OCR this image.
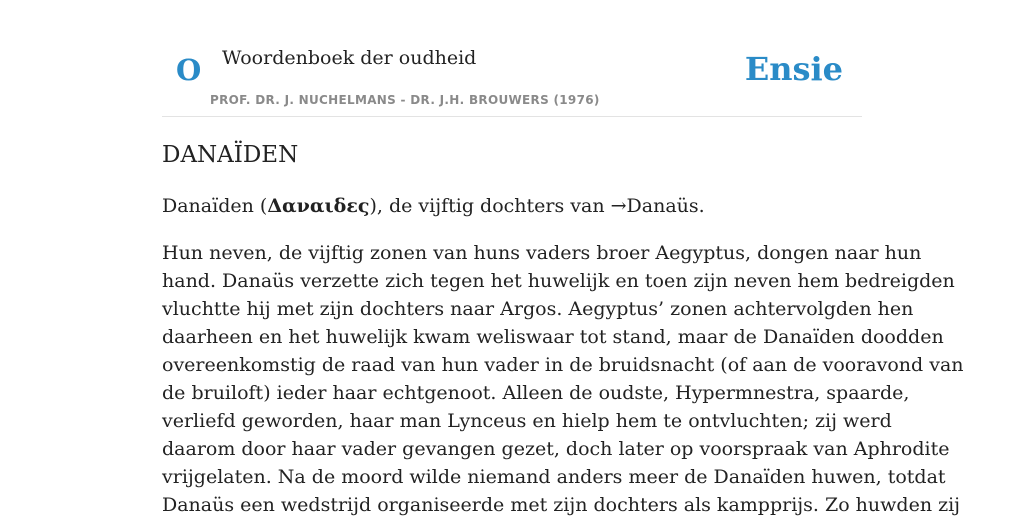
O Woordenboek der oudheid
PROF. DR. J. NUCHELMANS - DR. J.H. BROUWERS (1976)
Ensie
DANAÏDEN

Danaïden (Δαναιδες), de vijftig dochters van →Danaüs.

Hun neven, de vijftig zonen van huns vaders broer Aegyptus, dongen naar hun
hand. Danaüs verzette zich tegen het huwelijk en toen zijn neven hem bedreigden
vluchtte hij met zijn dochters naar Argos. Aegyptus’ zonen achtervolgden hen
daarheen en het huwelijk kwam weliswaar tot stand, maar de Danaïden doodden
overeenkomstig de raad van hun vader in de bruidsnacht (of aan de vooravond van
de bruiloft) ieder haar echtgenoot. Alleen de oudste, Hypermnestra, spaarde,
verliefd geworden, haar man Lynceus en hielp hem te ontvluchten; zij werd
daarom door haar vader gevangen gezet, doch later op voorspraak van Aphrodite
vrijgelaten. Na de moord wilde niemand anders meer de Danaïden huwen, totdat
Danaüs een wedstrijd organiseerde met zijn dochters als kampprijs. Zo huwden zij
